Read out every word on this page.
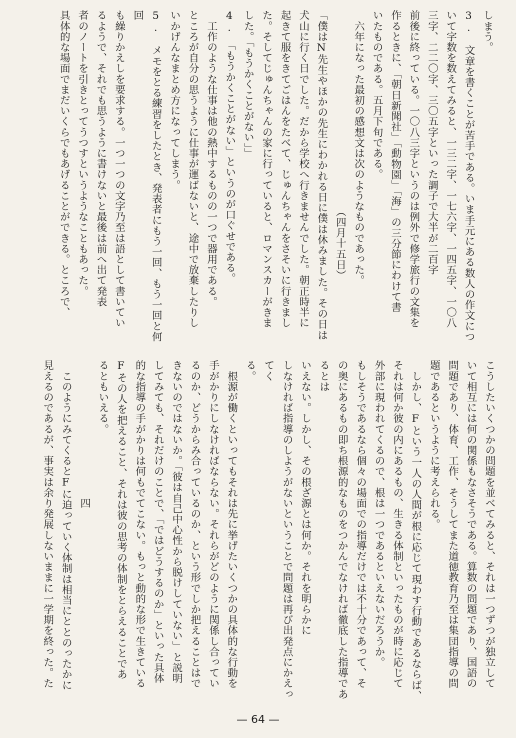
しまう。
3.　文章を書くことが苦手である。いま手元にある数人の作文につ
いて字数を数えてみると、一三二字、一七六字、一四五字、一〇八
三字、二二〇字、三〇五字といった調子で大半が二百字
前後に終っている。一〇八三字というのは例外で修学旅行の文集を
作るときに、「朝日新聞社」「動物園」「海」の三分節にわけて書
いたものである。五月下旬である。
　六年になった最初の感想文は次のようなものであった。
　　　　　　　　　　　　　　　　　　　（四月十五日）
「僕はN先生やほかの先生にわかれる日に僕は休みました。その日は
犬山に行く日でした。だから学校へ行きませんでした。朝正時半に
起きて服をきてごはんをたべて、じゅんちゃんをさそいに行きまし
た。そしてじゅんちゃんの家に行っていると、ロマンスカーがきま
した。「もうかくことがない」」
4.　「もうかくことがない」というのが口ぐせである。
　工作のような仕事は他の熱中するものの一つで器用である。
ところが自分の思うように仕事が運ばないと、途中で放棄したりし
いかげんなまとめ方になってしまう。
5.　メモをとる練習をしたとき、発表者にもう一回、もう一回と何回
も繰りかえしを要求する。一つ一つの文字乃至は語として書いてい
るようで、それでも思うように書けないと最後は前へ出て発表
者のノートを引きとってうつすというようなこともあった。
具体的な場面でまだいくらでもあげることができる。ところで、
こうしたいくつかの問題を並べてみると、それは一つずつが独立して
いて相互には何の関係もなさそうである。算数の問題であり、国語の
問題であり、体育、工作、そうしてまた道徳教育乃至は集団指導の問
題であるというように考えられる。
　しかし、Fという一人の人間が根に応じて現わす行動であるならば、
それは何か彼の内にあるもの、生きる体制といったものが時に応じて
外部に現われてくるので、根は一つであるといえないだろうか。
もしそうであるなら個々の場面での指導だけでは不十分であって、そ
の奥にあるもの即ち根源的なものをつかんでなければ徹底した指導であるとは
いえない。しかし、その根ざ源とは何か。それを明らかに
しなければ指導のしようがないということで問題は再び出発点にかえってく
る。
　根源が働くといってもそれは先に挙げたいくつかの具体的な行動を
手がかりにしなければならない。それらがどのように関係し合ってい
るのか、どうからみ合っているのか、という形でしか把えることはで
きないのではないか。「彼は自己中心性から脱けしていない」と説明
してみても、それだけのことで、「ではどうするのか」といった具体
的な指導の手がかりは何もでてこない。もっと動的な形で生きている
Fその人を把えること、それは彼の思考の体制をとらえることであ
るともいえる。
　　　　　　　　　　　　　四
　このようにみてくるとFに迫っていく体制は相当にととのったかに
見えるのであるが、事実は余り発展しないままに一学期を終った。た
— 64 —
